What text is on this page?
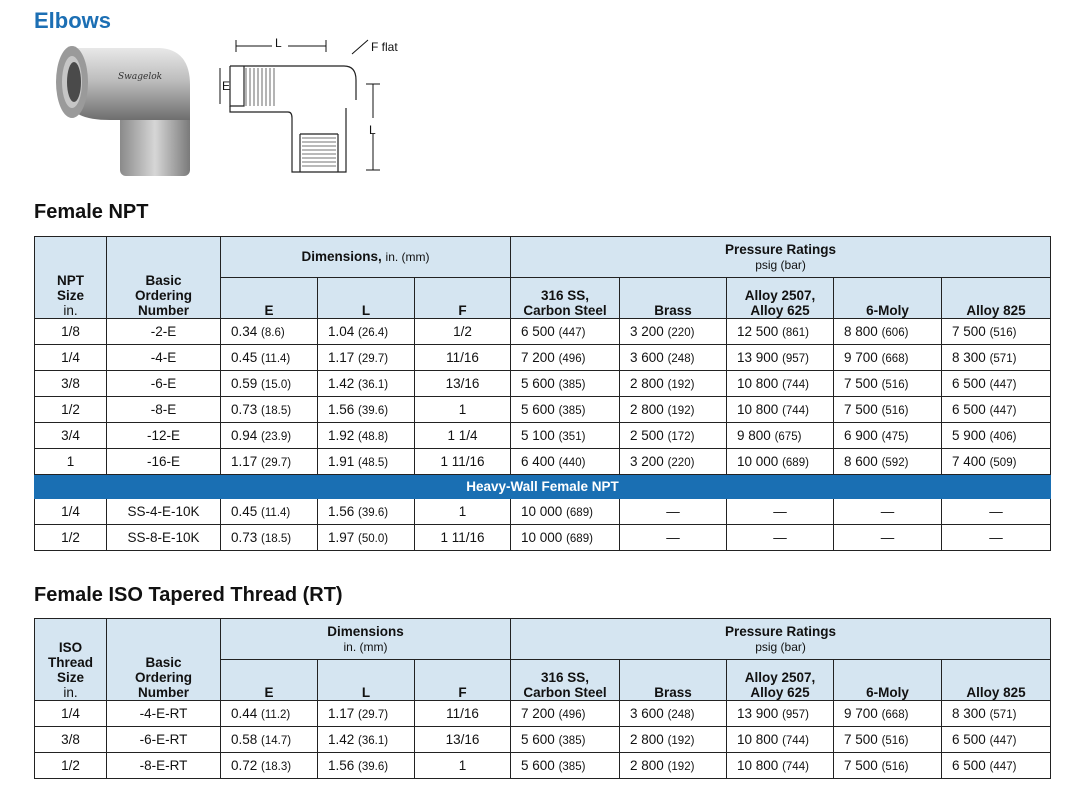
Elbows
Swagelok
L	F flat
E
L
Female NPT
NPT
Size
in.	Basic
Ordering
Number	Dimensions, in. (mm)			Pressure Ratings
psig (bar)				
		E	L	F	316 SS,
Carbon Steel	Brass	Alloy 2507,
Alloy 625	6-Moly	Alloy 825
1/8	-2-E	0.34 (8.6)	1.04 (26.4)	1/2	6 500 (447)	3 200 (220)	12 500 (861)	8 800 (606)	7 500 (516)
1/4	-4-E	0.45 (11.4)	1.17 (29.7)	11/16	7 200 (496)	3 600 (248)	13 900 (957)	9 700 (668)	8 300 (571)
3/8	-6-E	0.59 (15.0)	1.42 (36.1)	13/16	5 600 (385)	2 800 (192)	10 800 (744)	7 500 (516)	6 500 (447)
1/2	-8-E	0.73 (18.5)	1.56 (39.6)	1	5 600 (385)	2 800 (192)	10 800 (744)	7 500 (516)	6 500 (447)
3/4	-12-E	0.94 (23.9)	1.92 (48.8)	1 1/4	5 100 (351)	2 500 (172)	9 800 (675)	6 900 (475)	5 900 (406)
1	-16-E	1.17 (29.7)	1.91 (48.5)	1 11/16	6 400 (440)	3 200 (220)	10 000 (689)	8 600 (592)	7 400 (509)
Heavy-Wall Female NPT									
1/4	SS-4-E-10K	0.45 (11.4)	1.56 (39.6)	1	10 000 (689)	—	—	—	—
1/2	SS-8-E-10K	0.73 (18.5)	1.97 (50.0)	1 11/16	10 000 (689)	—	—	—	—
Female ISO Tapered Thread (RT)
ISO
Thread
Size
in.	Basic
Ordering
Number	Dimensions
in. (mm)			Pressure Ratings
psig (bar)				
		E	L	F	316 SS,
Carbon Steel	Brass	Alloy 2507,
Alloy 625	6-Moly	Alloy 825
1/4	-4-E-RT	0.44 (11.2)	1.17 (29.7)	11/16	7 200 (496)	3 600 (248)	13 900 (957)	9 700 (668)	8 300 (571)
3/8	-6-E-RT	0.58 (14.7)	1.42 (36.1)	13/16	5 600 (385)	2 800 (192)	10 800 (744)	7 500 (516)	6 500 (447)
1/2	-8-E-RT	0.72 (18.3)	1.56 (39.6)	1	5 600 (385)	2 800 (192)	10 800 (744)	7 500 (516)	6 500 (447)
